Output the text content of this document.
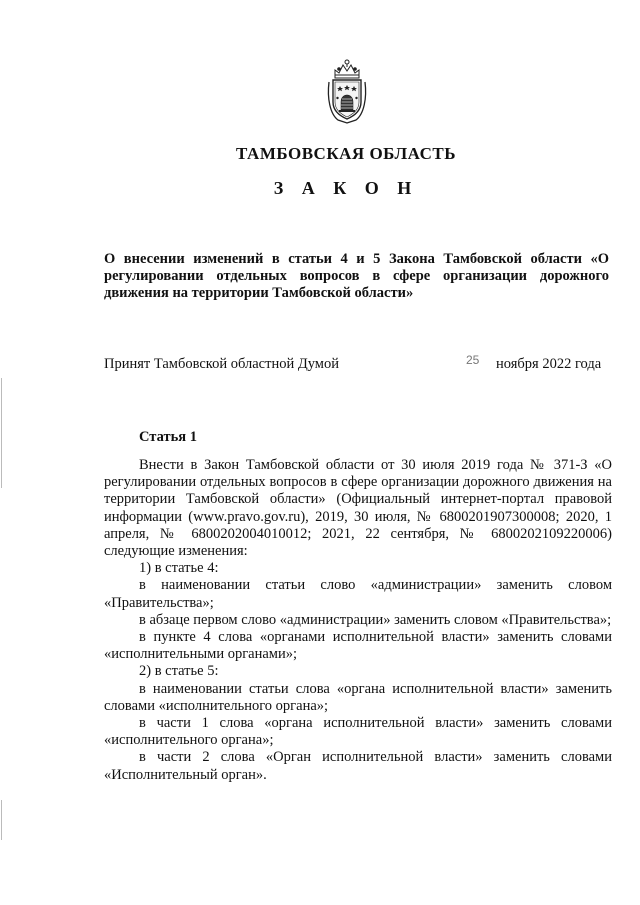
ТАМБОВСКАЯ ОБЛАСТЬ
З А К О Н
О внесении изменений в статьи 4 и 5 Закона Тамбовской области «О регулировании отдельных вопросов в сфере организации дорожного движения на территории Тамбовской области»
Принят Тамбовской областной Думой	25 ноября 2022 года
Статья 1

Внести в Закон Тамбовской области от 30 июля 2019 года № 371-З «О регулировании отдельных вопросов в сфере организации дорожного движения на территории Тамбовской области» (Официальный интернет-портал правовой информации (www.pravo.gov.ru), 2019, 30 июля, № 6800201907300008; 2020, 1 апреля, № 6800202004010012; 2021, 22 сентября, № 6800202109220006) следующие изменения:

1) в статье 4:

в наименовании статьи слово «администрации» заменить словом «Правительства»;

в абзаце первом слово «администрации» заменить словом «Правительства»;

в пункте 4 слова «органами исполнительной власти» заменить словами «исполнительными органами»;

2) в статье 5:

в наименовании статьи слова «органа исполнительной власти» заменить словами «исполнительного органа»;

в части 1 слова «органа исполнительной власти» заменить словами «исполнительного органа»;

в части 2 слова «Орган исполнительной власти» заменить словами «Исполнительный орган».
